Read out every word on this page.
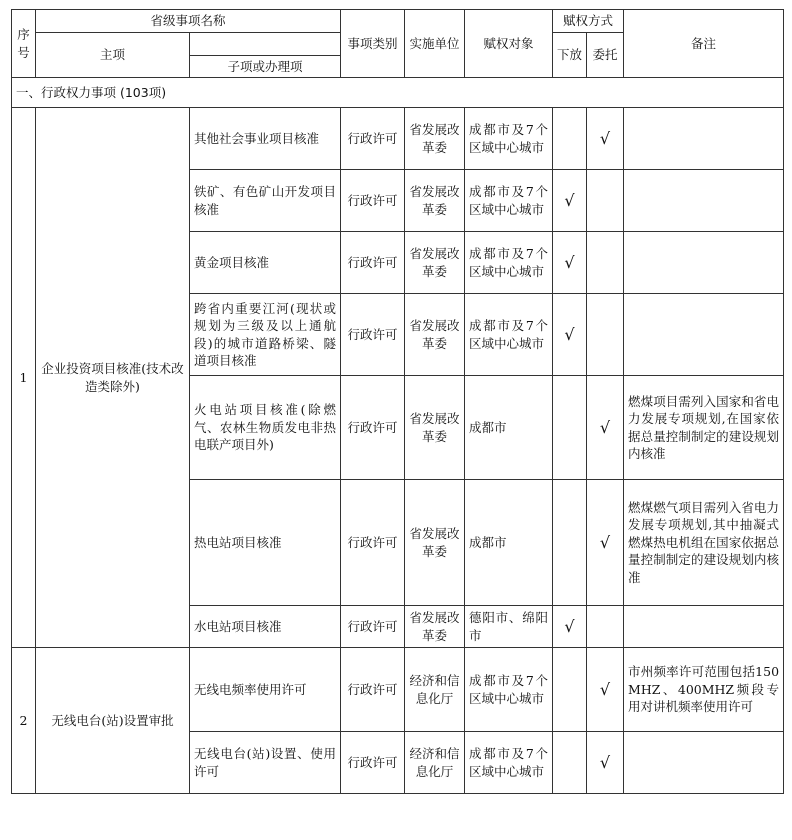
序号	省级事项名称		事项类别	实施单位	赋权对象	赋权方式		备注
	主项					下放	委托	
		子项或办理项						
一、行政权力事项 (103项)								
1	企业投资项目核准(技术改造类除外)	其他社会事业项目核准	行政许可	省发展改革委	成都市及7个区域中心城市		√	
		铁矿、有色矿山开发项目核准	行政许可	省发展改革委	成都市及7个区域中心城市	√		
		黄金项目核准	行政许可	省发展改革委	成都市及7个区域中心城市	√		
		跨省内重要江河(现状或规划为三级及以上通航段)的城市道路桥梁、隧道项目核准	行政许可	省发展改革委	成都市及7个区域中心城市	√		
		火电站项目核准(除燃气、农林生物质发电非热电联产项目外)	行政许可	省发展改革委	成都市		√	燃煤项目需列入国家和省电力发展专项规划,在国家依据总量控制制定的建设规划内核准
		热电站项目核准	行政许可	省发展改革委	成都市		√	燃煤燃气项目需列入省电力发展专项规划,其中抽凝式燃煤热电机组在国家依据总量控制制定的建设规划内核准
		水电站项目核准	行政许可	省发展改革委	德阳市、绵阳市	√		
2	无线电台(站)设置审批	无线电频率使用许可	行政许可	经济和信息化厅	成都市及7个区域中心城市		√	市州频率许可范围包括150MHZ、400MHZ频段专用对讲机频率使用许可
		无线电台(站)设置、使用许可	行政许可	经济和信息化厅	成都市及7个区域中心城市		√	
